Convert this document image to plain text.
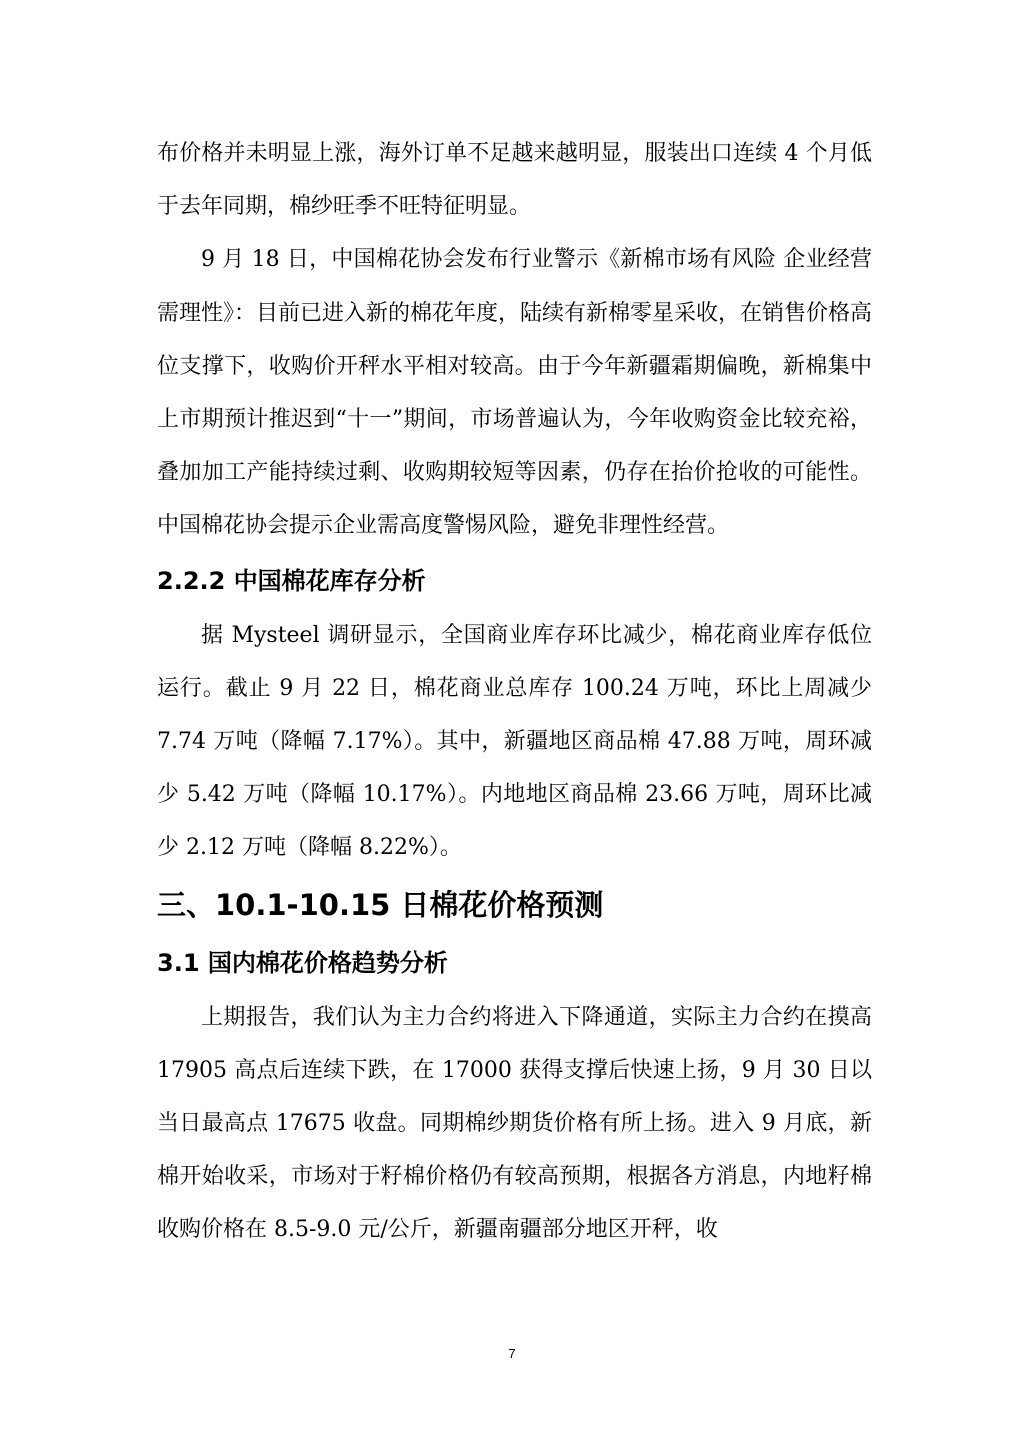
布价格并未明显上涨，海外订单不足越来越明显，服装出口连续 4 个月低于去年同期，棉纱旺季不旺特征明显。

9 月 18 日，中国棉花协会发布行业警示《新棉市场有风险 企业经营需理性》：目前已进入新的棉花年度，陆续有新棉零星采收，在销售价格高位支撑下，收购价开秤水平相对较高。由于今年新疆霜期偏晚，新棉集中上市期预计推迟到“十一”期间，市场普遍认为，今年收购资金比较充裕，叠加加工产能持续过剩、收购期较短等因素，仍存在抬价抢收的可能性。中国棉花协会提示企业需高度警惕风险，避免非理性经营。

2.2.2 中国棉花库存分析

据 Mysteel 调研显示，全国商业库存环比减少，棉花商业库存低位运行。截止 9 月 22 日，棉花商业总库存 100.24 万吨，环比上周减少 7.74 万吨（降幅 7.17%）。其中，新疆地区商品棉 47.88 万吨，周环减少 5.42 万吨（降幅 10.17%）。内地地区商品棉 23.66 万吨，周环比减少 2.12 万吨（降幅 8.22%）。

三、10.1-10.15 日棉花价格预测
3.1 国内棉花价格趋势分析

上期报告，我们认为主力合约将进入下降通道，实际主力合约在摸高 17905 高点后连续下跌，在 17000 获得支撑后快速上扬，9 月 30 日以当日最高点 17675 收盘。同期棉纱期货价格有所上扬。进入 9 月底，新棉开始收采，市场对于籽棉价格仍有较高预期，根据各方消息，内地籽棉收购价格在 8.5-9.0 元/公斤，新疆南疆部分地区开秤，收

7
